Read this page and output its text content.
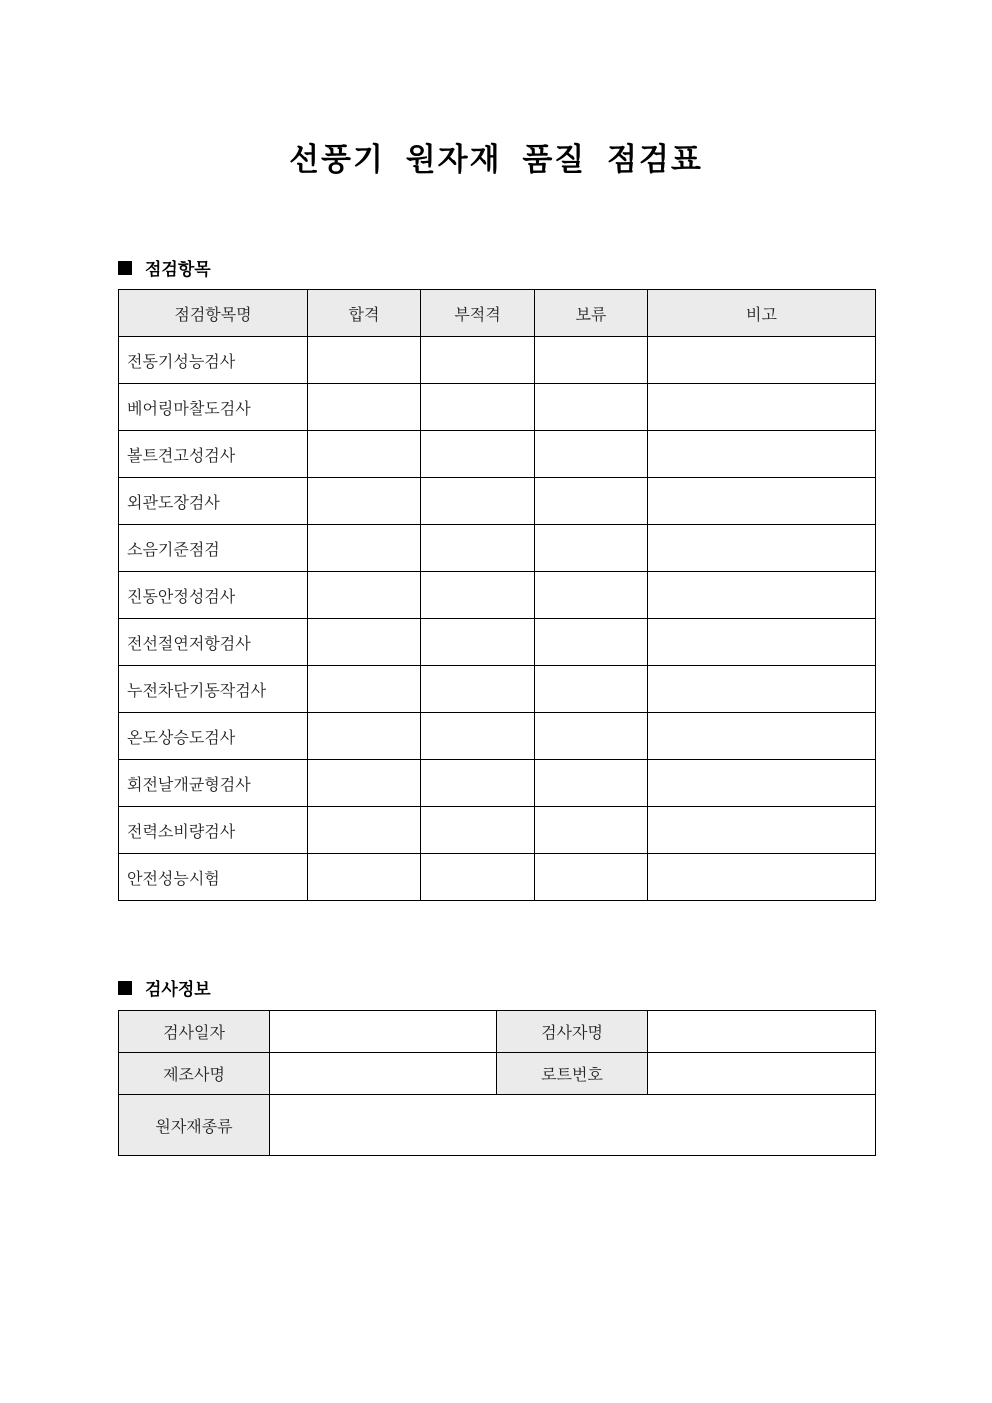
선풍기 원자재 품질 점검표
점검항목
점검항목명	합격	부적격	보류	비고
전동기성능검사				
베어링마찰도검사				
볼트견고성검사				
외관도장검사				
소음기준점검				
진동안정성검사				
전선절연저항검사				
누전차단기동작검사				
온도상승도검사				
회전날개균형검사				
전력소비량검사				
안전성능시험				
검사정보
검사일자		검사자명	
제조사명		로트번호	
원자재종류			
